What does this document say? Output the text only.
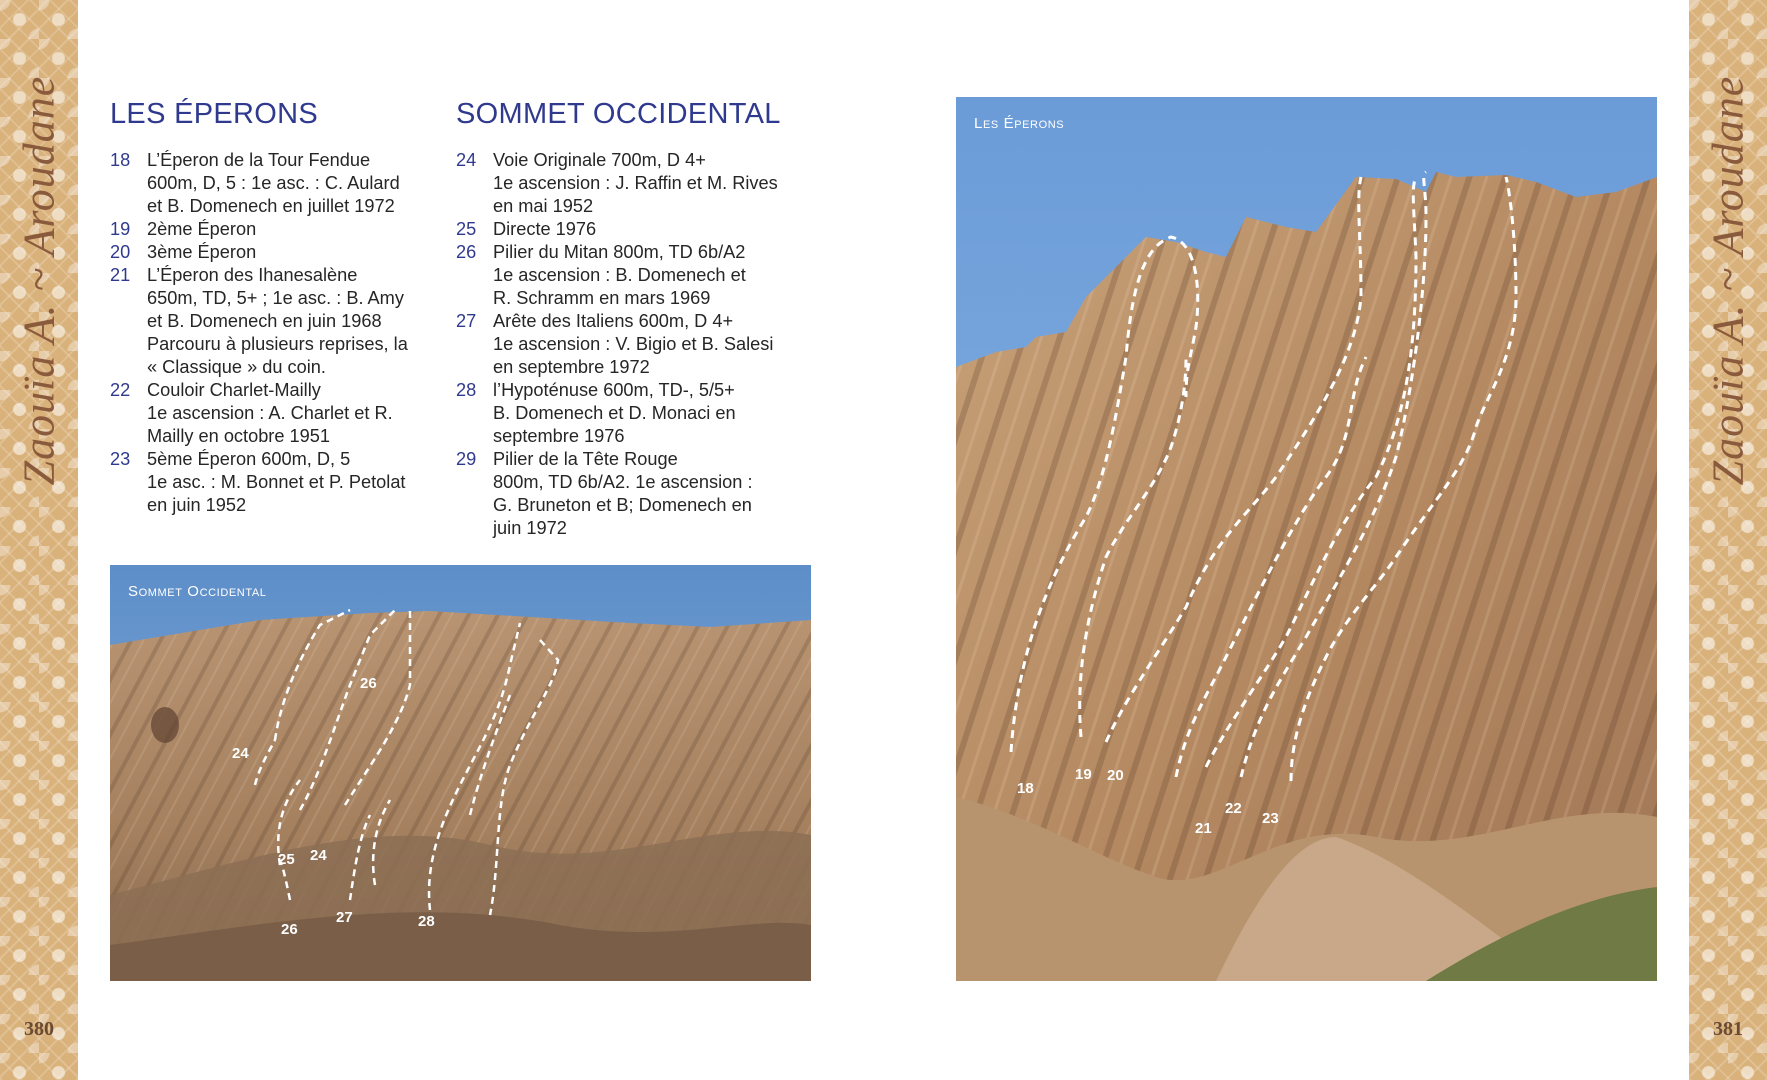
Zaouïa A. ~ Aroudane
380
Zaouïa A. ~ Aroudane
381
LES ÉPERONS
18 L’Éperon de la Tour Fendue
600m, D, 5 : 1e asc. : C. Aulard
et B. Domenech en juillet 1972
19 2ème Éperon
20 3ème Éperon
21 L’Éperon des Ihanesalène
650m, TD, 5+ ; 1e asc. : B. Amy
et B. Domenech en juin 1968
Parcouru à plusieurs reprises, la
« Classique » du coin.
22 Couloir Charlet-Mailly
1e ascension : A. Charlet et R.
Mailly en octobre 1951
23 5ème Éperon 600m, D, 5
1e asc. : M. Bonnet et P. Petolat
en juin 1952
SOMMET OCCIDENTAL
24 Voie Originale 700m, D 4+
1e ascension : J. Raffin et M. Rives
en mai 1952
25 Directe 1976
26 Pilier du Mitan 800m, TD 6b/A2
1e ascension : B. Domenech et
R. Schramm en mars 1969
27 Arête des Italiens 600m, D 4+
1e ascension : V. Bigio et B. Salesi
en septembre 1972
28 l’Hypoténuse 600m, TD-, 5/5+
B. Domenech et D. Monaci en
septembre 1976
29 Pilier de la Tête Rouge
800m, TD 6b/A2. 1e ascension :
G. Bruneton et B; Domenech en
juin 1972
26
24
25 24
26
27	28
Sommet Occidental
18
19 20
21
22
23
Les Éperons
